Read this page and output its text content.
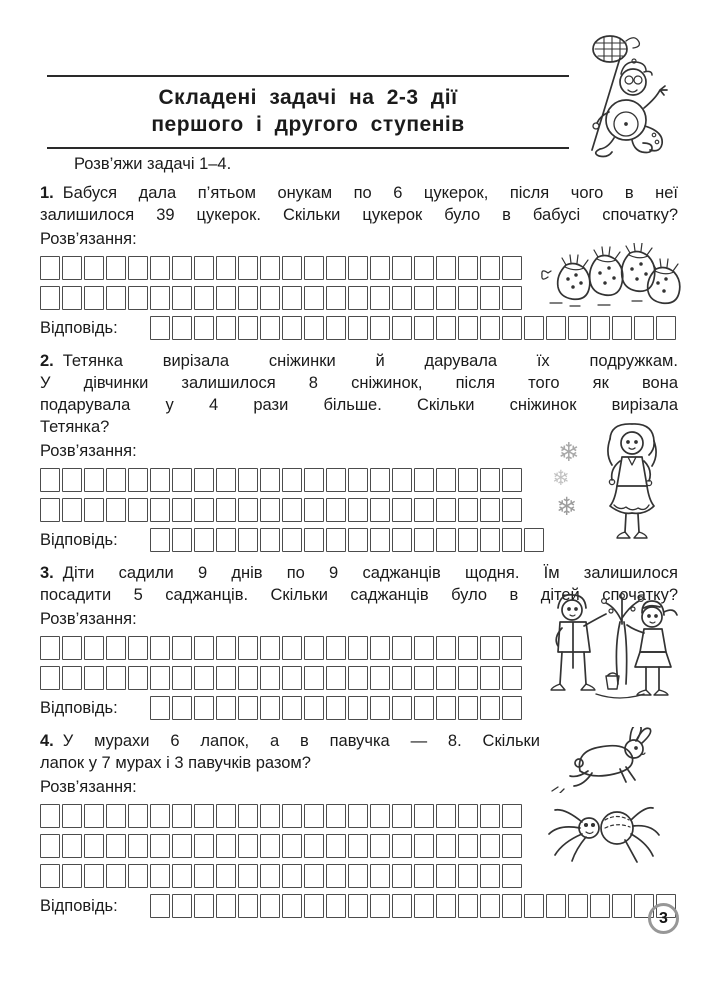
Складені задачі на 2-3 дії
першого і другого ступенів
Розв’яжи задачі 1–4.
1. Бабуся дала п’ятьом онукам по 6 цукерок, після чого в неї
залишилося 39 цукерок. Скільки цукерок було в бабусі спочатку?
Розв’язання:
Відповідь:
2. Тетянка вирізала сніжинки й дарувала їх подружкам.
У дівчинки залишилося 8 сніжинок, після того як вона
подарувала у 4 рази більше. Скільки сніжинок вирізала
Тетянка?
Розв’язання:
Відповідь:
3. Діти садили 9 днів по 9 саджанців щодня. Їм залишилося
посадити 5 саджанців. Скільки саджанців було в дітей спочатку?
Розв’язання:
Відповідь:
4. У мурахи 6 лапок, а в павучка — 8. Скільки
лапок у 7 мурах і 3 павучків разом?
Розв’язання:
Відповідь:
❄
❄
❄
3
